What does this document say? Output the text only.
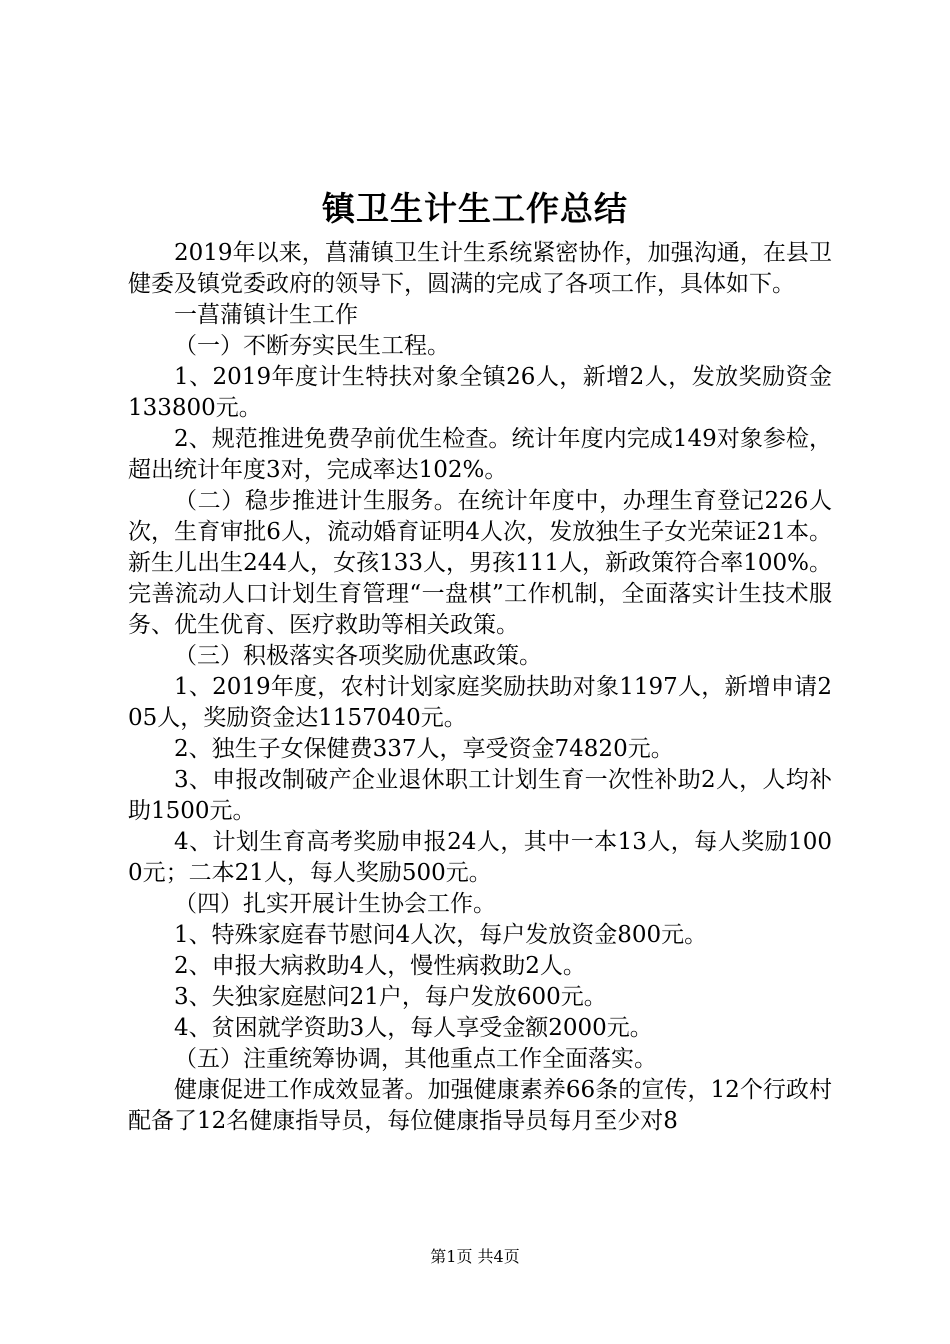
镇卫生计生工作总结

2019年以来，菖蒲镇卫生计生系统紧密协作，加强沟通，在县卫健委及镇党委政府的领导下，圆满的完成了各项工作，具体如下。

一菖蒲镇计生工作

（一）不断夯实民生工程。

1、2019年度计生特扶对象全镇26人，新增2人，发放奖励资金133800元。

2、规范推进免费孕前优生检查。统计年度内完成149对象参检，超出统计年度3对，完成率达102%。

（二）稳步推进计生服务。在统计年度中，办理生育登记226人次，生育审批6人，流动婚育证明4人次，发放独生子女光荣证21本。新生儿出生244人，女孩133人，男孩111人，新政策符合率100%。完善流动人口计划生育管理“一盘棋”工作机制，全面落实计生技术服务、优生优育、医疗救助等相关政策。

（三）积极落实各项奖励优惠政策。

1、2019年度，农村计划家庭奖励扶助对象1197人，新增申请205人，奖励资金达1157040元。

2、独生子女保健费337人，享受资金74820元。

3、申报改制破产企业退休职工计划生育一次性补助2人，人均补助1500元。

4、计划生育高考奖励申报24人，其中一本13人，每人奖励1000元；二本21人，每人奖励500元。

（四）扎实开展计生协会工作。

1、特殊家庭春节慰问4人次，每户发放资金800元。

2、申报大病救助4人，慢性病救助2人。

3、失独家庭慰问21户，每户发放600元。

4、贫困就学资助3人，每人享受金额2000元。

（五）注重统筹协调，其他重点工作全面落实。

健康促进工作成效显著。加强健康素养66条的宣传，12个行政村配备了12名健康指导员，每位健康指导员每月至少对8

第1页 共4页
